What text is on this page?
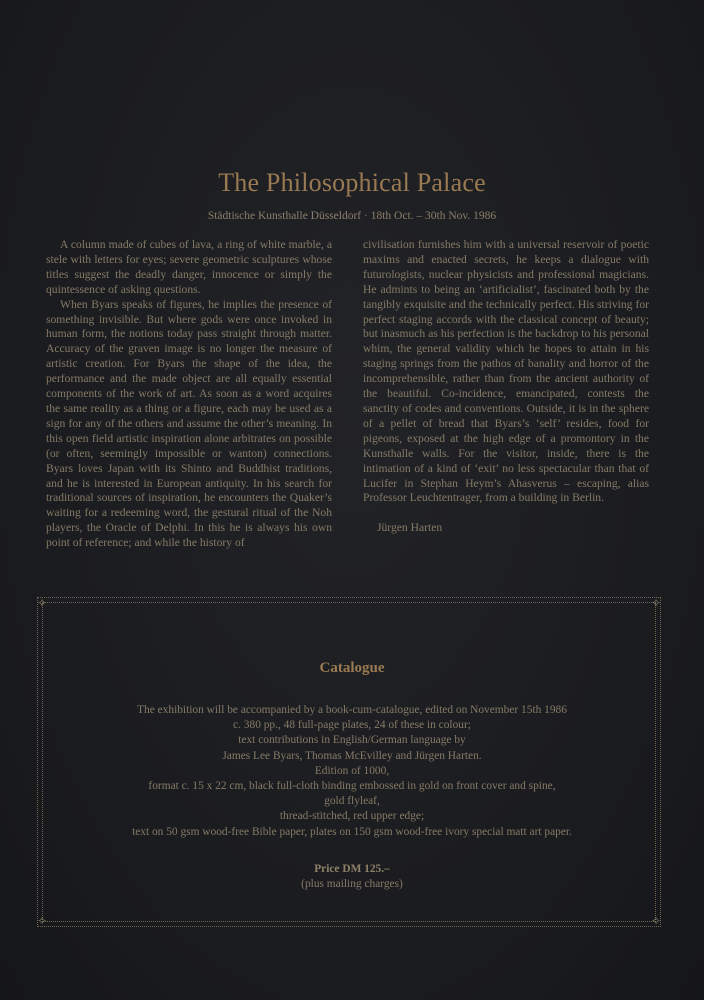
The Philosophical Palace
Städtische Kunsthalle Düsseldorf · 18th Oct. – 30th Nov. 1986

A column made of cubes of lava, a ring of white marble, a stele with letters for eyes; severe geometric sculptures whose titles suggest the deadly danger, innocence or simply the quintessence of asking questions.

When Byars speaks of figures, he implies the presence of something invisible. But where gods were once invoked in human form, the notions today pass straight through matter. Accuracy of the graven image is no longer the measure of artistic creation. For Byars the shape of the idea, the performance and the made object are all equally essential components of the work of art. As soon as a word acquires the same reality as a thing or a figure, each may be used as a sign for any of the others and assume the other’s meaning. In this open field artistic inspiration alone arbitrates on possible (or often, seemingly impossible or wanton) connections. Byars loves Japan with its Shinto and Buddhist traditions, and he is interested in European antiquity. In his search for traditional sources of inspiration, he encounters the Quaker’s waiting for a redeeming word, the gestural ritual of the Noh players, the Oracle of Delphi. In this he is always his own point of reference; and while the history of

civilisation furnishes him with a universal reservoir of poetic maxims and enacted secrets, he keeps a dialogue with futurologists, nuclear physicists and professional magicians. He admints to being an ‘artificialist’, fascinated both by the tangibly exquisite and the technically perfect. His striving for perfect staging accords with the classical concept of beauty; but inasmuch as his perfection is the backdrop to his personal whim, the general validity which he hopes to attain in his staging springs from the pathos of banality and horror of the incomprehensible, rather than from the ancient authority of the beautiful. Co-incidence, emancipated, contests the sanctity of codes and conventions. Outside, it is in the sphere of a pellet of bread that Byars’s ‘self’ resides, food for pigeons, exposed at the high edge of a promontory in the Kunsthalle walls. For the visitor, inside, there is the intimation of a kind of ‘exit’ no less spectacular than that of Lucifer in Stephan Heym’s Ahasverus – escaping, alias Professor Leuchtentrager, from a building in Berlin.

Jürgen Harten

✧	✧
✧	✧
Catalogue
The exhibition will be accompanied by a book-cum-catalogue, edited on November 15th 1986
c. 380 pp., 48 full-page plates, 24 of these in colour;
text contributions in English/German language by
James Lee Byars, Thomas McEvilley and Jürgen Harten.
Edition of 1000,
format c. 15 x 22 cm, black full-cloth binding embossed in gold on front cover and spine,
gold flyleaf,
thread-stitched, red upper edge;
text on 50 gsm wood-free Bible paper, plates on 150 gsm wood-free ivory special matt art paper.
Price DM 125.–
(plus mailing charges)
